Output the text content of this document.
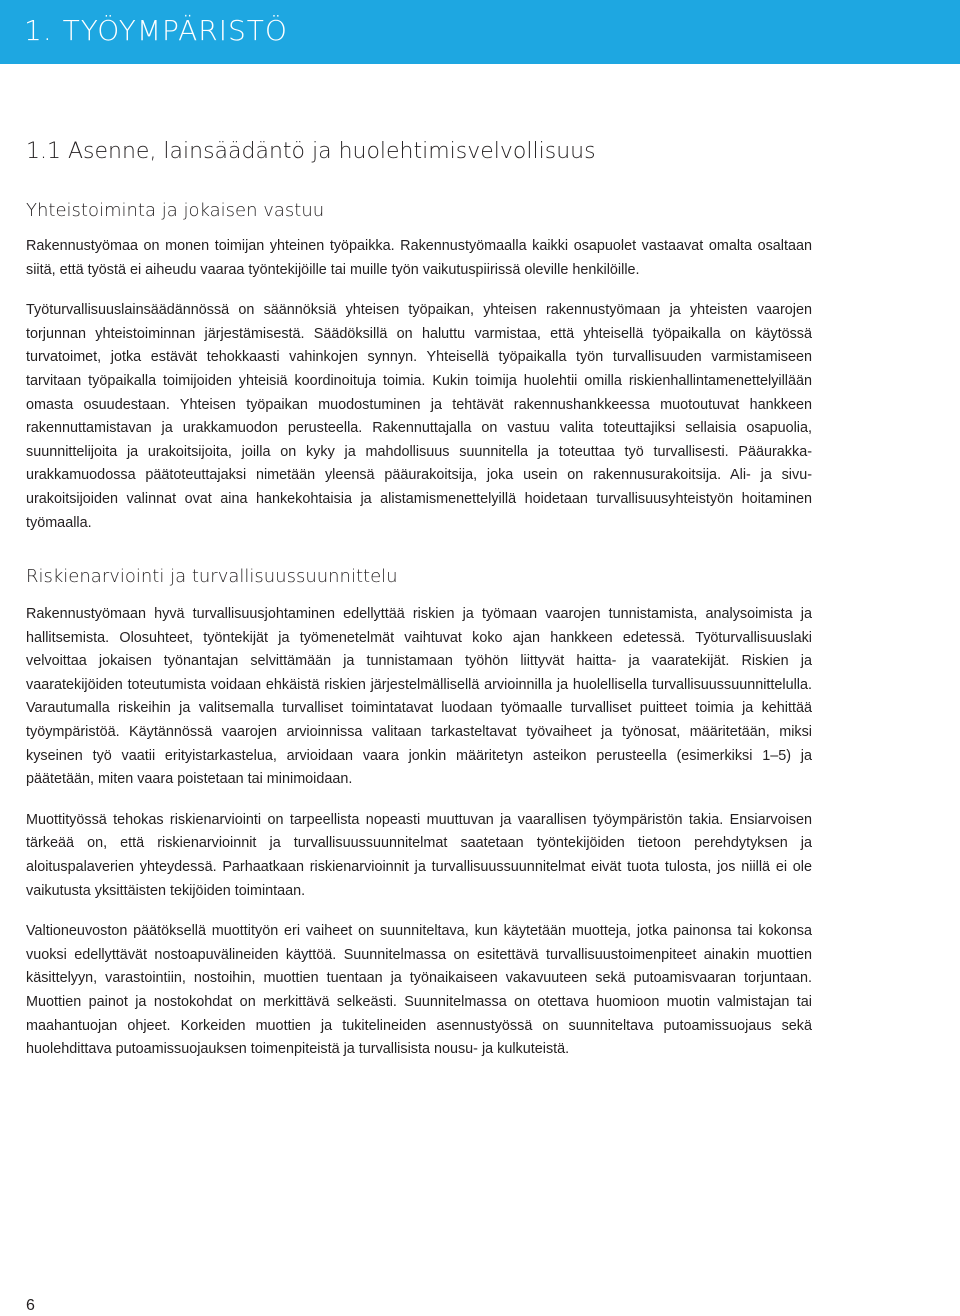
1. TYÖYMPÄRISTÖ
1.1 Asenne, lainsäädäntö ja huolehtimisvelvollisuus
Yhteistoiminta ja jokaisen vastuu

Rakennustyömaa on monen toimijan yhteinen työpaikka. Rakennustyömaalla kaikki osapuolet vastaavat omalta osaltaan siitä, että työstä ei aiheudu vaaraa työntekijöille tai muille työn vaikutuspiirissä oleville henkilöille.

Työturvallisuuslainsäädännössä on säännöksiä yhteisen työpaikan, yhteisen rakennustyömaan ja yhteisten vaarojen torjunnan yhteistoiminnan järjestämisestä. Säädöksillä on haluttu varmistaa, että yhteisellä työpaikalla on käytössä turvatoimet, jotka estävät tehokkaasti vahinkojen synnyn. Yhteisellä työpaikalla työn turvallisuuden varmistamiseen tarvitaan työpaikalla toimijoiden yhteisiä koordinoituja toimia. Kukin toimija huolehtii omilla riskienhallintamenettelyillään omasta osuudestaan. Yhteisen työpaikan muodostuminen ja tehtävät rakennushankkeessa muotoutuvat hankkeen rakennuttamistavan ja urakkamuodon perusteella. Rakennuttajalla on vastuu valita toteuttajiksi sellaisia osapuolia, suunnittelijoita ja urakoitsijoita, joilla on kyky ja mahdollisuus suunnitella ja toteuttaa työ turvallisesti. Pääurakka-urakkamuodossa päätoteuttajaksi nimetään yleensä pääurakoitsija, joka usein on rakennusurakoitsija. Ali- ja sivu-urakoitsijoiden valinnat ovat aina hankekohtaisia ja alistamismenettelyillä hoidetaan turvallisuusyhteistyön hoitaminen työmaalla.

Riskienarviointi ja turvallisuussuunnittelu

Rakennustyömaan hyvä turvallisuusjohtaminen edellyttää riskien ja työmaan vaarojen tunnistamista, analysoimista ja hallitsemista. Olosuhteet, työntekijät ja työmenetelmät vaihtuvat koko ajan hankkeen edetessä. Työturvallisuuslaki velvoittaa jokaisen työnantajan selvittämään ja tunnistamaan työhön liittyvät haitta- ja vaaratekijät. Riskien ja vaaratekijöiden toteutumista voidaan ehkäistä riskien järjestelmällisellä arvioinnilla ja huolellisella turvallisuussuunnittelulla. Varautumalla riskeihin ja valitsemalla turvalliset toimintatavat luodaan työmaalle turvalliset puitteet toimia ja kehittää työympäristöä. Käytännössä vaarojen arvioinnissa valitaan tarkasteltavat työvaiheet ja työnosat, määritetään, miksi kyseinen työ vaatii erityistarkastelua, arvioidaan vaara jonkin määritetyn asteikon perusteella (esimerkiksi 1–5) ja päätetään, miten vaara poistetaan tai minimoidaan.

Muottityössä tehokas riskienarviointi on tarpeellista nopeasti muuttuvan ja vaarallisen työympäristön takia. Ensiarvoisen tärkeää on, että riskienarvioinnit ja turvallisuussuunnitelmat saatetaan työntekijöiden tietoon perehdytyksen ja aloituspalaverien yhteydessä. Parhaatkaan riskienarvioinnit ja turvallisuussuunnitelmat eivät tuota tulosta, jos niillä ei ole vaikutusta yksittäisten tekijöiden toimintaan.

Valtioneuvoston päätöksellä muottityön eri vaiheet on suunniteltava, kun käytetään muotteja, jotka painonsa tai kokonsa vuoksi edellyttävät nostoapuvälineiden käyttöä. Suunnitelmassa on esitettävä turvallisuustoimenpiteet ainakin muottien käsittelyyn, varastointiin, nostoihin, muottien tuentaan ja työnaikaiseen vakavuuteen sekä putoamisvaaran torjuntaan. Muottien painot ja nostokohdat on merkittävä selkeästi. Suunnitelmassa on otettava huomioon muotin valmistajan tai maahantuojan ohjeet. Korkeiden muottien ja tukitelineiden asennustyössä on suunniteltava putoamissuojaus sekä huolehdittava putoamissuojauksen toimenpiteistä ja turvallisista nousu- ja kulkuteistä.

6
